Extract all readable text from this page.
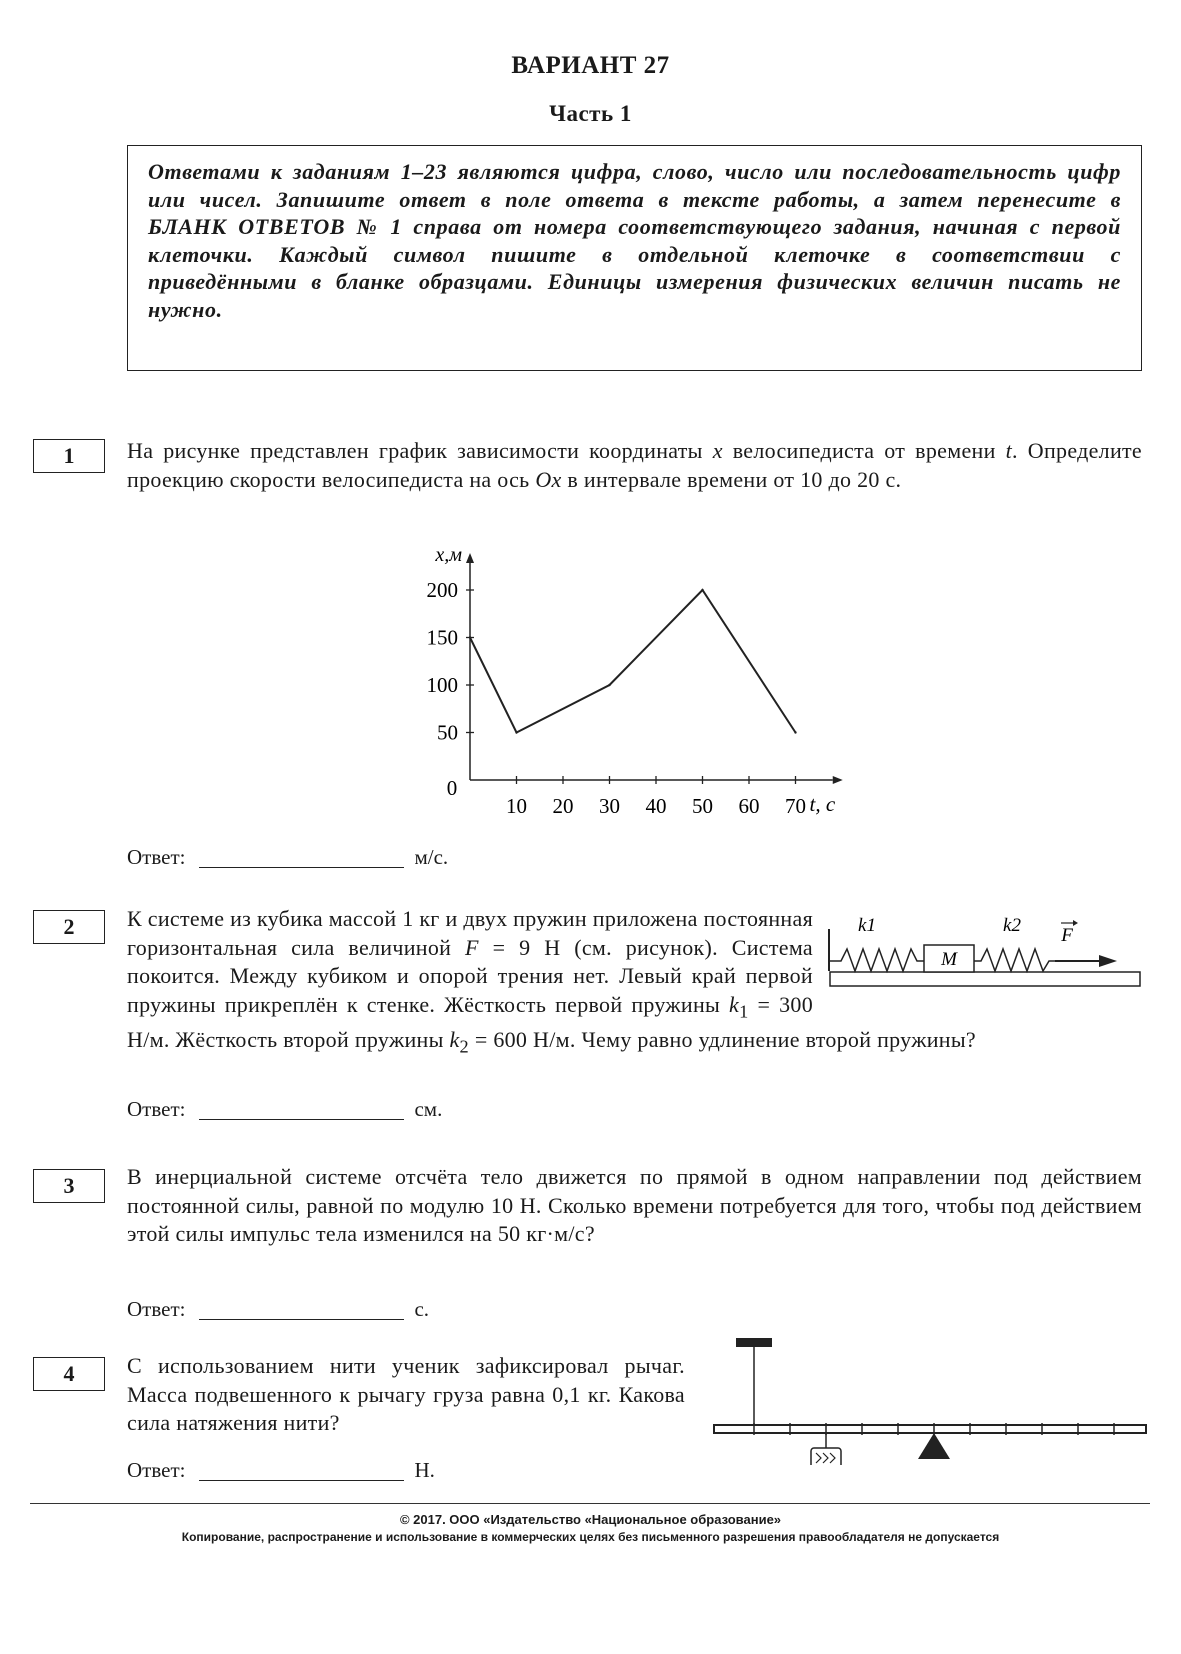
ВАРИАНТ 27
Часть 1
Ответами к заданиям 1–23 являются цифра, слово, число или последовательность цифр или чисел. Запишите ответ в поле ответа в тексте работы, а затем перенесите в БЛАНК ОТВЕТОВ № 1 справа от номера соответствующего задания, начиная с первой клеточки. Каждый символ пишите в отдельной клеточке в соответствии с приведёнными в бланке образцами. Единицы измерения физических величин писать не нужно.
1	На рисунке представлен график зависимости координаты x велосипедиста от времени t. Определите проекцию скорости велосипедиста на ось Ox в интервале времени от 10 до 20 с.
10 20 30 40 50 60 70
50
100
150
200
0
x,м
t, с
Ответ:	м/с.
2
M
k1	k2 F
К системе из кубика массой 1 кг и двух пружин приложена постоянная горизонтальная сила величиной F = 9 Н (см. рисунок). Система покоится. Между кубиком и опорой трения нет. Левый край первой пружины прикреплён к стенке. Жёсткость первой пружины $k_1 = 300$ Н/м. Жёсткость второй пружины $k_2 = 600$ Н/м. Чему равно удлинение второй пружины?
Ответ:	см.
3	В инерциальной системе отсчёта тело движется по прямой в одном направлении под действием постоянной силы, равной по модулю 10 Н. Сколько времени потребуется для того, чтобы под действием этой силы импульс тела изменился на 50 кг·м/с?
Ответ:	с.
4	С использованием нити ученик зафиксировал рычаг. Масса подвешенного к рычагу груза равна 0,1 кг. Какова сила натяжения нити?
Ответ:	Н.
© 2017. ООО «Издательство «Национальное образование»
Копирование, распространение и использование в коммерческих целях без письменного разрешения правообладателя не допускается
